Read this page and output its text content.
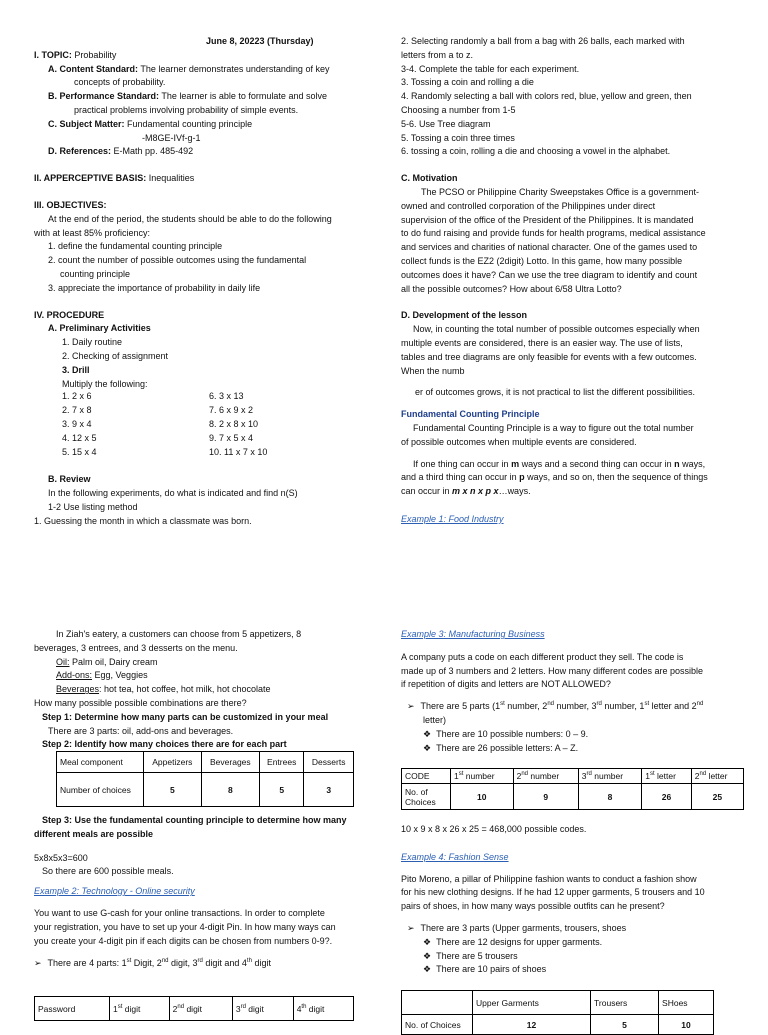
June 8, 20223 (Thursday)

I. TOPIC: Probability

A. Content Standard: The learner demonstrates understanding of key

concepts of probability.

B. Performance Standard: The learner is able to formulate and solve

practical problems involving probability of simple events.

C. Subject Matter: Fundamental counting principle

-M8GE-IVf-g-1

D. References: E-Math pp. 485-492

II. APPERCEPTIVE BASIS: Inequalities

III. OBJECTIVES:

At the end of the period, the students should be able to do the following

with at least 85% proficiency:

1. define the fundamental counting principle

2. count the number of possible outcomes using the fundamental

counting principle

3. appreciate the importance of probability in daily life

IV. PROCEDURE

A. Preliminary Activities

1. Daily routine

2. Checking of assignment

3. Drill

Multiply the following:

1. 2 x 6	6. 3 x 13
2. 7 x 8	7. 6 x 9 x 2
3. 9 x 4	8. 2 x 8 x 10
4. 12 x 5	9. 7 x 5 x 4
5. 15 x 4	10. 11 x 7 x 10

B. Review

In the following experiments, do what is indicated and find n(S)

1-2 Use listing method

1. Guessing the month in which a classmate was born.

2. Selecting randomly a ball from a bag with 26 balls, each marked with

letters from a to z.

3-4. Complete the table for each experiment.

3. Tossing a coin and rolling a die

4. Randomly selecting a ball with colors red, blue, yellow and green, then

Choosing a number from 1-5

5-6. Use Tree diagram

5. Tossing a coin three times

6. tossing a coin, rolling a die and choosing a vowel in the alphabet.

C. Motivation

The PCSO or Philippine Charity Sweepstakes Office is a government-

owned and controlled corporation of the Philippines under direct

supervision of the office of the President of the Philippines. It is mandated

to do fund raising and provide funds for health programs, medical assistance

and services and charities of national character. One of the games used to

collect funds is the EZ2 (2digit) Lotto. In this game, how many possible

outcomes does it have? Can we use the tree diagram to identify and count

all the possible outcomes? How about 6/58 Ultra Lotto?

D. Development of the lesson

Now, in counting the total number of possible outcomes especially when

multiple events are considered, there is an easier way. The use of lists,

tables and tree diagrams are only feasible for events with a few outcomes.

When the numb

er of outcomes grows, it is not practical to list the different possibilities.

Fundamental Counting Principle

Fundamental Counting Principle is a way to figure out the total number

of possible outcomes when multiple events are considered.

If one thing can occur in m ways and a second thing can occur in n ways,

and a third thing can occur in p ways, and so on, then the sequence of things

can occur in m x n x p x…ways.

Example 1: Food Industry

In Ziah's eatery, a customers can choose from 5 appetizers, 8

beverages, 3 entrees, and 3 desserts on the menu.

Oil: Palm oil, Dairy cream

Add-ons: Egg, Veggies

Beverages: hot tea, hot coffee, hot milk, hot chocolate

How many possible possible combinations are there?

Step 1: Determine how many parts can be customized in your meal

There are 3 parts: oil, add-ons and beverages.

Step 2: Identify how many choices there are for each part

Meal component	Appetizers	Beverages	Entrees	Desserts
Number of choices	5	8	5	3

Step 3: Use the fundamental counting principle to determine how many

different meals are possible

5x8x5x3=600

So there are 600 possible meals.

Example 2: Technology - Online security

You want to use G-cash for your online transactions. In order to complete

your registration, you have to set up your 4-digit Pin. In how many ways can

you create your 4-digit pin if each digits can be chosen from numbers 0-9?.

➢ There are 4 parts: 1st Digit, 2nd digit, 3rd digit and 4th digit

Password	1st digit	2nd digit	3rd digit	4th digit

Example 3: Manufacturing Business

A company puts a code on each different product they sell. The code is

made up of 3 numbers and 2 letters. How many different codes are possible

if repetition of digits and letters are NOT ALLOWED?

➢ There are 5 parts (1st number, 2nd number, 3rd number, 1st letter and 2nd

letter)

❖ There are 10 possible numbers: 0 – 9.

❖ There are 26 possible letters: A – Z.

CODE	1st number	2nd number	3rd number	1st letter	2nd letter
No. of Choices	10	9	8	26	25

10 x 9 x 8 x 26 x 25 = 468,000 possible codes.

Example 4: Fashion Sense

Pito Moreno, a pillar of Philippine fashion wants to conduct a fashion show

for his new clothing designs. If he had 12 upper garments, 5 trousers and 10

pairs of shoes, in how many ways possible outfits can he present?

➢ There are 3 parts (Upper garments, trousers, shoes

❖ There are 12 designs for upper garments.

❖ There are 5 trousers

❖ There are 10 pairs of shoes

	Upper Garments	Trousers	SHoes
No. of Choices	12	5	10
